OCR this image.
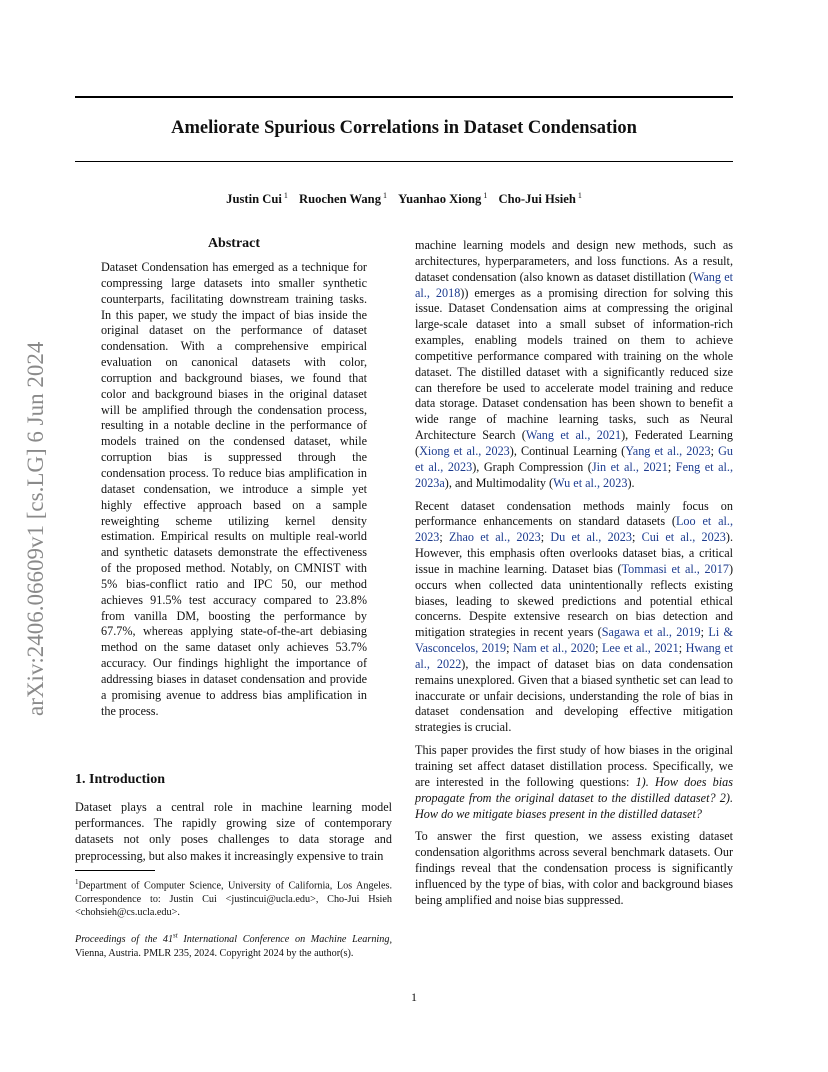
arXiv:2406.06609v1 [cs.LG] 6 Jun 2024
Ameliorate Spurious Correlations in Dataset Condensation
Justin Cui $^1$ Ruochen Wang $^1$ Yuanhao Xiong $^1$ Cho-Jui Hsieh $^1$
Abstract
Dataset Condensation has emerged as a technique for compressing large datasets into smaller synthetic counterparts, facilitating downstream training tasks. In this paper, we study the impact of bias inside the original dataset on the performance of dataset condensation. With a comprehensive empirical evaluation on canonical datasets with color, corruption and background biases, we found that color and background biases in the original dataset will be amplified through the condensation process, resulting in a notable decline in the performance of models trained on the condensed dataset, while corruption bias is suppressed through the condensation process. To reduce bias amplification in dataset condensation, we introduce a simple yet highly effective approach based on a sample reweighting scheme utilizing kernel density estimation. Empirical results on multiple real-world and synthetic datasets demonstrate the effectiveness of the proposed method. Notably, on CMNIST with 5% bias-conflict ratio and IPC 50, our method achieves 91.5% test accuracy compared to 23.8% from vanilla DM, boosting the performance by 67.7%, whereas applying state-of-the-art debiasing method on the same dataset only achieves 53.7% accuracy. Our findings highlight the importance of addressing biases in dataset condensation and provide a promising avenue to address bias amplification in the process.
1. Introduction
Dataset plays a central role in machine learning model performances. The rapidly growing size of contemporary datasets not only poses challenges to data storage and preprocessing, but also makes it increasingly expensive to train
$^1$Department of Computer Science, University of California, Los Angeles. Correspondence to: Justin Cui <justincui@ucla.edu>, Cho-Jui Hsieh <chohsieh@cs.ucla.edu>.
Proceedings of the 41st International Conference on Machine Learning, Vienna, Austria. PMLR 235, 2024. Copyright 2024 by the author(s).

machine learning models and design new methods, such as architectures, hyperparameters, and loss functions. As a result, dataset condensation (also known as dataset distillation (Wang et al., 2018)) emerges as a promising direction for solving this issue. Dataset Condensation aims at compressing the original large-scale dataset into a small subset of information-rich examples, enabling models trained on them to achieve competitive performance compared with training on the whole dataset. The distilled dataset with a significantly reduced size can therefore be used to accelerate model training and reduce data storage. Dataset condensation has been shown to benefit a wide range of machine learning tasks, such as Neural Architecture Search (Wang et al., 2021), Federated Learning (Xiong et al., 2023), Continual Learning (Yang et al., 2023; Gu et al., 2023), Graph Compression (Jin et al., 2021; Feng et al., 2023a), and Multimodality (Wu et al., 2023).

Recent dataset condensation methods mainly focus on performance enhancements on standard datasets (Loo et al., 2023; Zhao et al., 2023; Du et al., 2023; Cui et al., 2023). However, this emphasis often overlooks dataset bias, a critical issue in machine learning. Dataset bias (Tommasi et al., 2017) occurs when collected data unintentionally reflects existing biases, leading to skewed predictions and potential ethical concerns. Despite extensive research on bias detection and mitigation strategies in recent years (Sagawa et al., 2019; Li & Vasconcelos, 2019; Nam et al., 2020; Lee et al., 2021; Hwang et al., 2022), the impact of dataset bias on data condensation remains unexplored. Given that a biased synthetic set can lead to inaccurate or unfair decisions, understanding the role of bias in dataset condensation and developing effective mitigation strategies is crucial.

This paper provides the first study of how biases in the original training set affect dataset distillation process. Specifically, we are interested in the following questions: 1). How does bias propagate from the original dataset to the distilled dataset? 2). How do we mitigate biases present in the distilled dataset?

To answer the first question, we assess existing dataset condensation algorithms across several benchmark datasets. Our findings reveal that the condensation process is significantly influenced by the type of bias, with color and background biases being amplified and noise bias suppressed.

1
